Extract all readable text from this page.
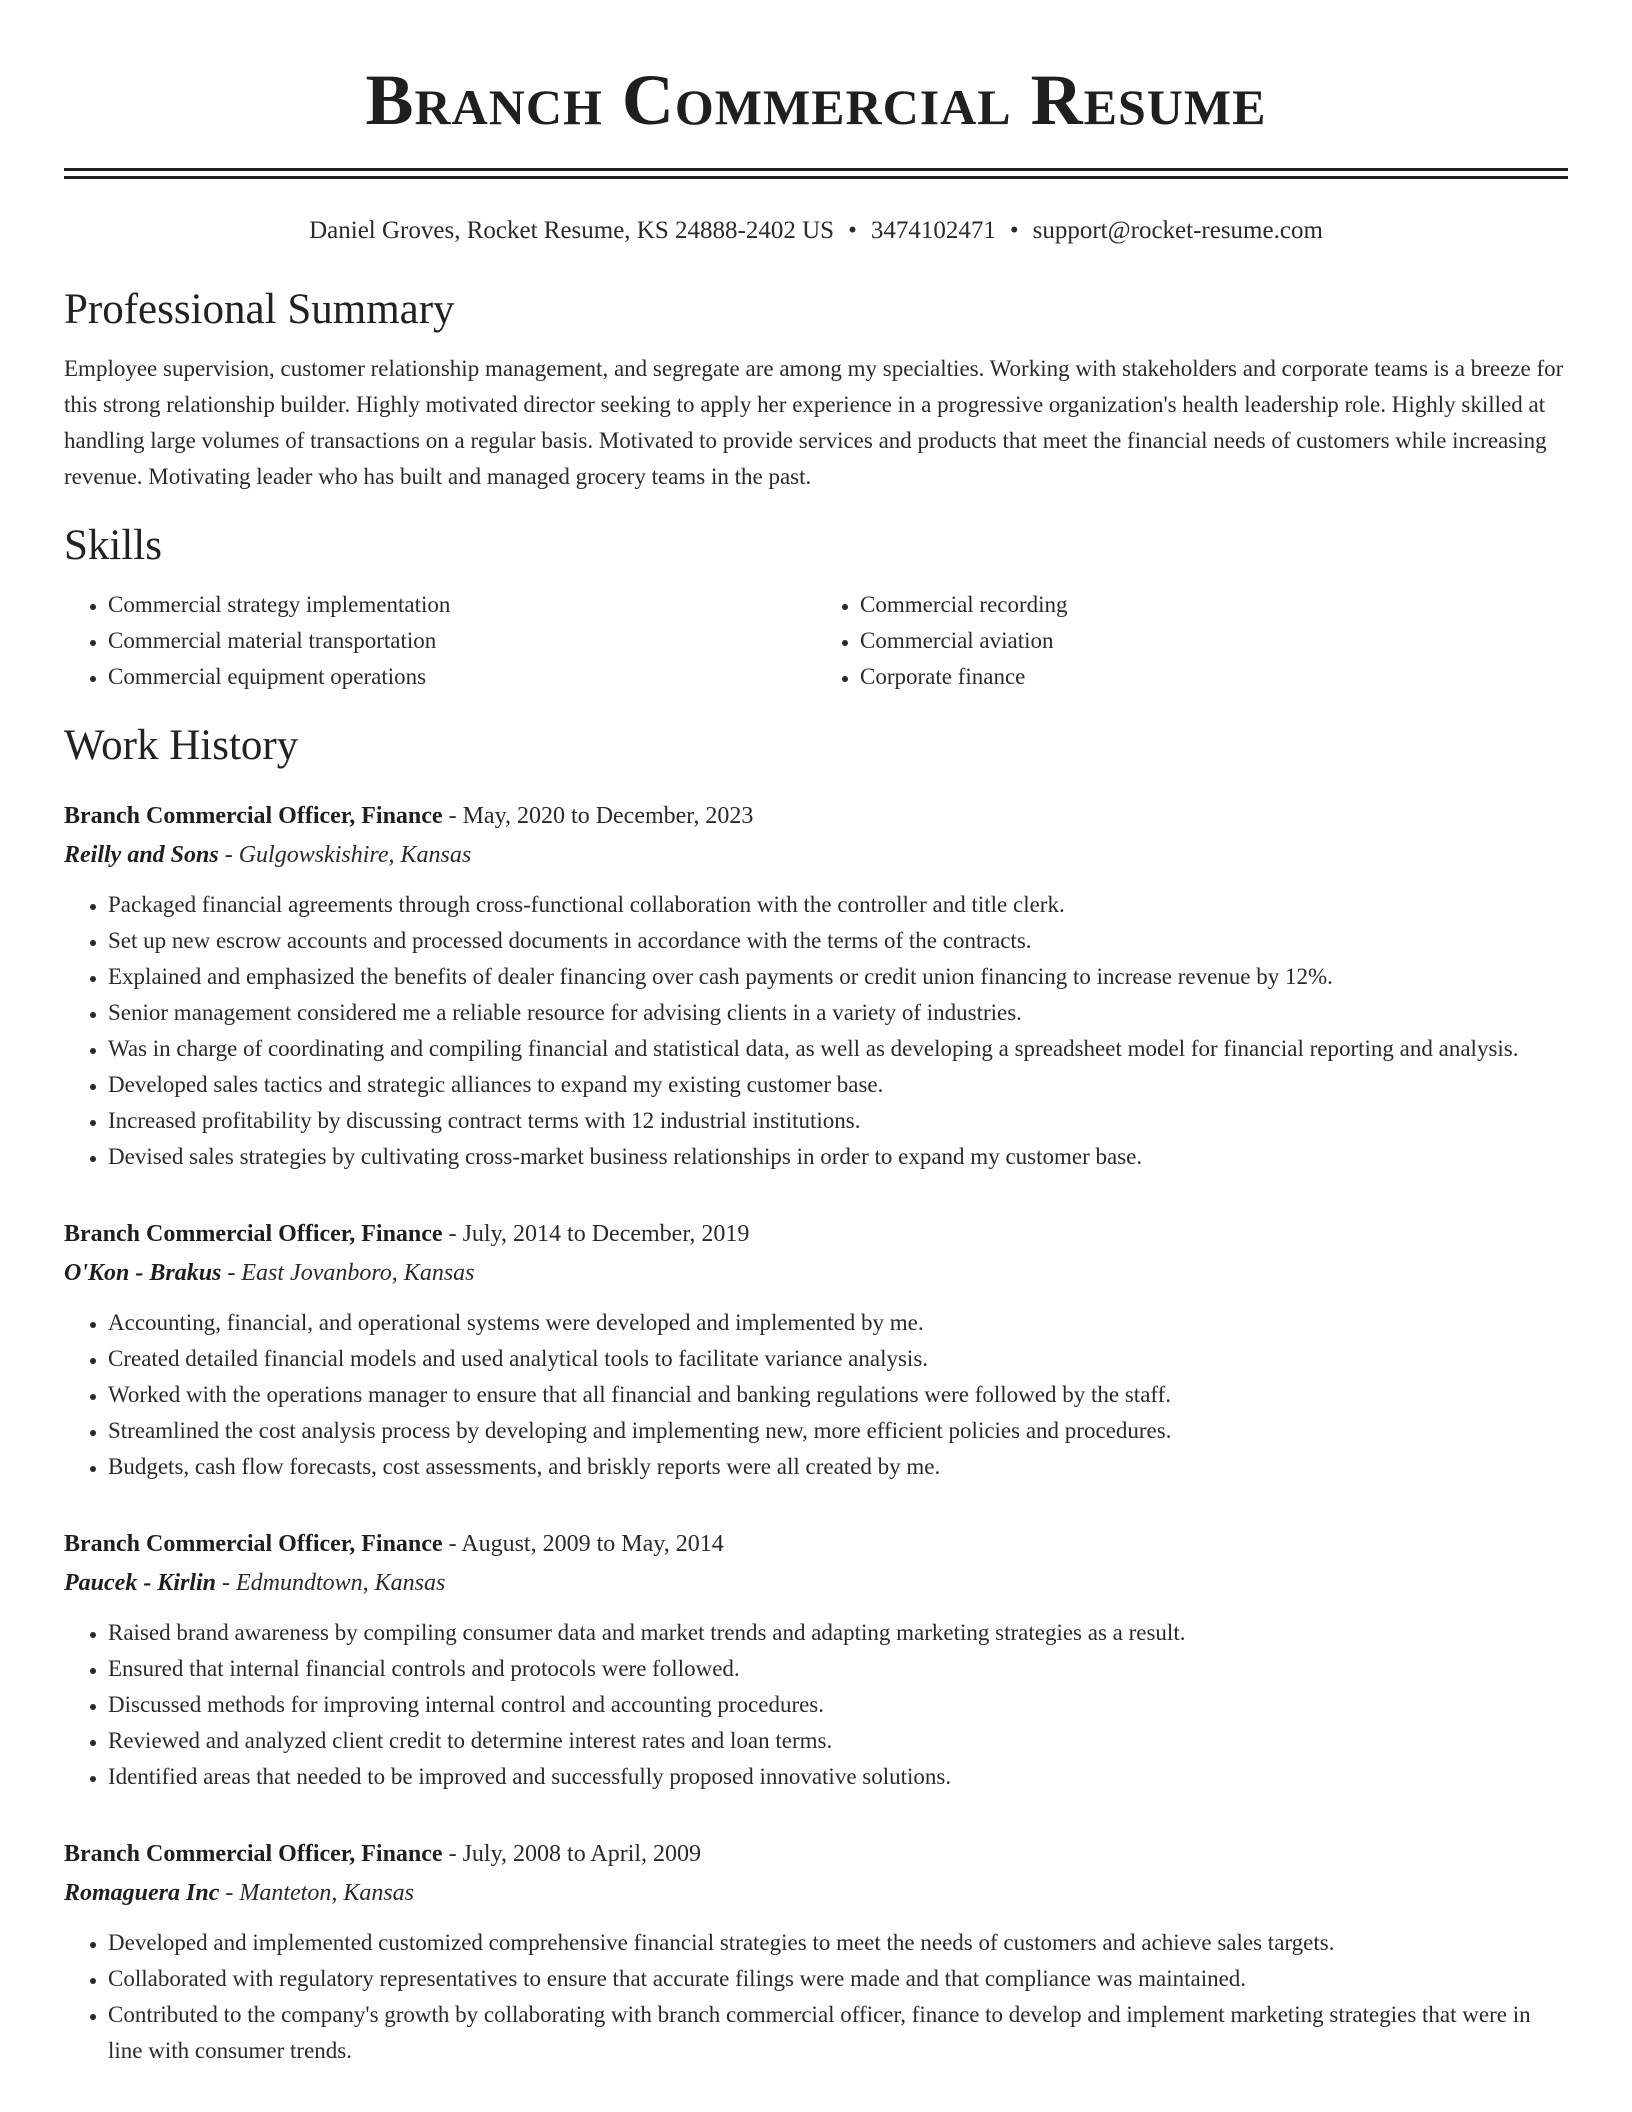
Branch Commercial Resume
Daniel Groves, Rocket Resume, KS 24888-2402 US • 3474102471 • support@rocket-resume.com
Professional Summary
Employee supervision, customer relationship management, and segregate are among my specialties. Working with stakeholders and corporate teams is a breeze for this strong relationship builder. Highly motivated director seeking to apply her experience in a progressive organization's health leadership role. Highly skilled at handling large volumes of transactions on a regular basis. Motivated to provide services and products that meet the financial needs of customers while increasing revenue. Motivating leader who has built and managed grocery teams in the past.
Skills
• Commercial strategy implementation
• Commercial material transportation
• Commercial equipment operations
• Commercial recording
• Commercial aviation
• Corporate finance
Work History
Branch Commercial Officer, Finance - May, 2020 to December, 2023
Reilly and Sons - Gulgowskishire, Kansas
• Packaged financial agreements through cross-functional collaboration with the controller and title clerk.
• Set up new escrow accounts and processed documents in accordance with the terms of the contracts.
• Explained and emphasized the benefits of dealer financing over cash payments or credit union financing to increase revenue by 12%.
• Senior management considered me a reliable resource for advising clients in a variety of industries.
• Was in charge of coordinating and compiling financial and statistical data, as well as developing a spreadsheet model for financial reporting and analysis.
• Developed sales tactics and strategic alliances to expand my existing customer base.
• Increased profitability by discussing contract terms with 12 industrial institutions.
• Devised sales strategies by cultivating cross-market business relationships in order to expand my customer base.
Branch Commercial Officer, Finance - July, 2014 to December, 2019
O'Kon - Brakus - East Jovanboro, Kansas
• Accounting, financial, and operational systems were developed and implemented by me.
• Created detailed financial models and used analytical tools to facilitate variance analysis.
• Worked with the operations manager to ensure that all financial and banking regulations were followed by the staff.
• Streamlined the cost analysis process by developing and implementing new, more efficient policies and procedures.
• Budgets, cash flow forecasts, cost assessments, and briskly reports were all created by me.
Branch Commercial Officer, Finance - August, 2009 to May, 2014
Paucek - Kirlin - Edmundtown, Kansas
• Raised brand awareness by compiling consumer data and market trends and adapting marketing strategies as a result.
• Ensured that internal financial controls and protocols were followed.
• Discussed methods for improving internal control and accounting procedures.
• Reviewed and analyzed client credit to determine interest rates and loan terms.
• Identified areas that needed to be improved and successfully proposed innovative solutions.
Branch Commercial Officer, Finance - July, 2008 to April, 2009
Romaguera Inc - Manteton, Kansas
• Developed and implemented customized comprehensive financial strategies to meet the needs of customers and achieve sales targets.
• Collaborated with regulatory representatives to ensure that accurate filings were made and that compliance was maintained.
• Contributed to the company's growth by collaborating with branch commercial officer, finance to develop and implement marketing strategies that were in line with consumer trends.
